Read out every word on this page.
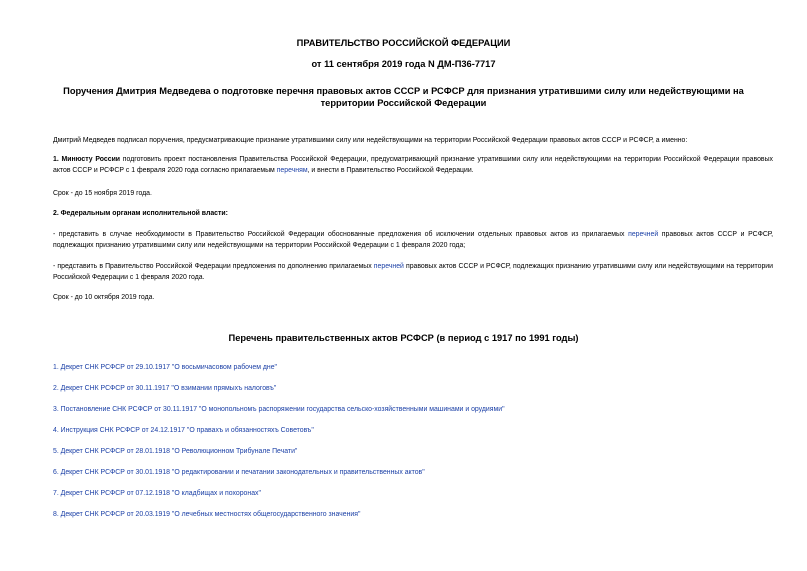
ПРАВИТЕЛЬСТВО РОССИЙСКОЙ ФЕДЕРАЦИИ

от 11 сентября 2019 года N ДМ-П36-7717

Поручения Дмитрия Медведева о подготовке перечня правовых актов СССР и РСФСР для признания утратившими силу или недействующими на территории Российской Федерации

Дмитрий Медведев подписал поручения, предусматривающие признание утратившими силу или недействующими на территории Российской Федерации правовых актов СССР и РСФСР, а именно:

1. Минюсту России подготовить проект постановления Правительства Российской Федерации, предусматривающий признание утратившими силу или недействующими на территории Российской Федерации правовых актов СССР и РСФСР с 1 февраля 2020 года согласно прилагаемым перечням, и внести в Правительство Российской Федерации.

Срок - до 15 ноября 2019 года.

2. Федеральным органам исполнительной власти:

- представить в случае необходимости в Правительство Российской Федерации обоснованные предложения об исключении отдельных правовых актов из прилагаемых перечней правовых актов СССР и РСФСР, подлежащих признанию утратившими силу или недействующими на территории Российской Федерации с 1 февраля 2020 года;

- представить в Правительство Российской Федерации предложения по дополнению прилагаемых перечней правовых актов СССР и РСФСР, подлежащих признанию утратившими силу или недействующими на территории Российской Федерации с 1 февраля 2020 года.

Срок - до 10 октября 2019 года.

Перечень правительственных актов РСФСР (в период с 1917 по 1991 годы)

1. Декрет СНК РСФСР от 29.10.1917 "О восьмичасовом рабочем дне"
2. Декрет СНК РСФСР от 30.11.1917 "О взимании прямыхъ налоговъ"
3. Постановление СНК РСФСР от 30.11.1917 "О монопольномъ распоряжении государства сельско-хозяйственными машинами и орудиями"
4. Инструкция СНК РСФСР от 24.12.1917 "О правахъ и обязанностяхъ Советовъ"
5. Декрет СНК РСФСР от 28.01.1918 "О Революционном Трибунале Печати"
6. Декрет СНК РСФСР от 30.01.1918 "О редактировании и печатании законодательных и правительственных актов"
7. Декрет СНК РСФСР от 07.12.1918 "О кладбищах и похоронах"
8. Декрет СНК РСФСР от 20.03.1919 "О лечебных местностях общегосударственного значения"
